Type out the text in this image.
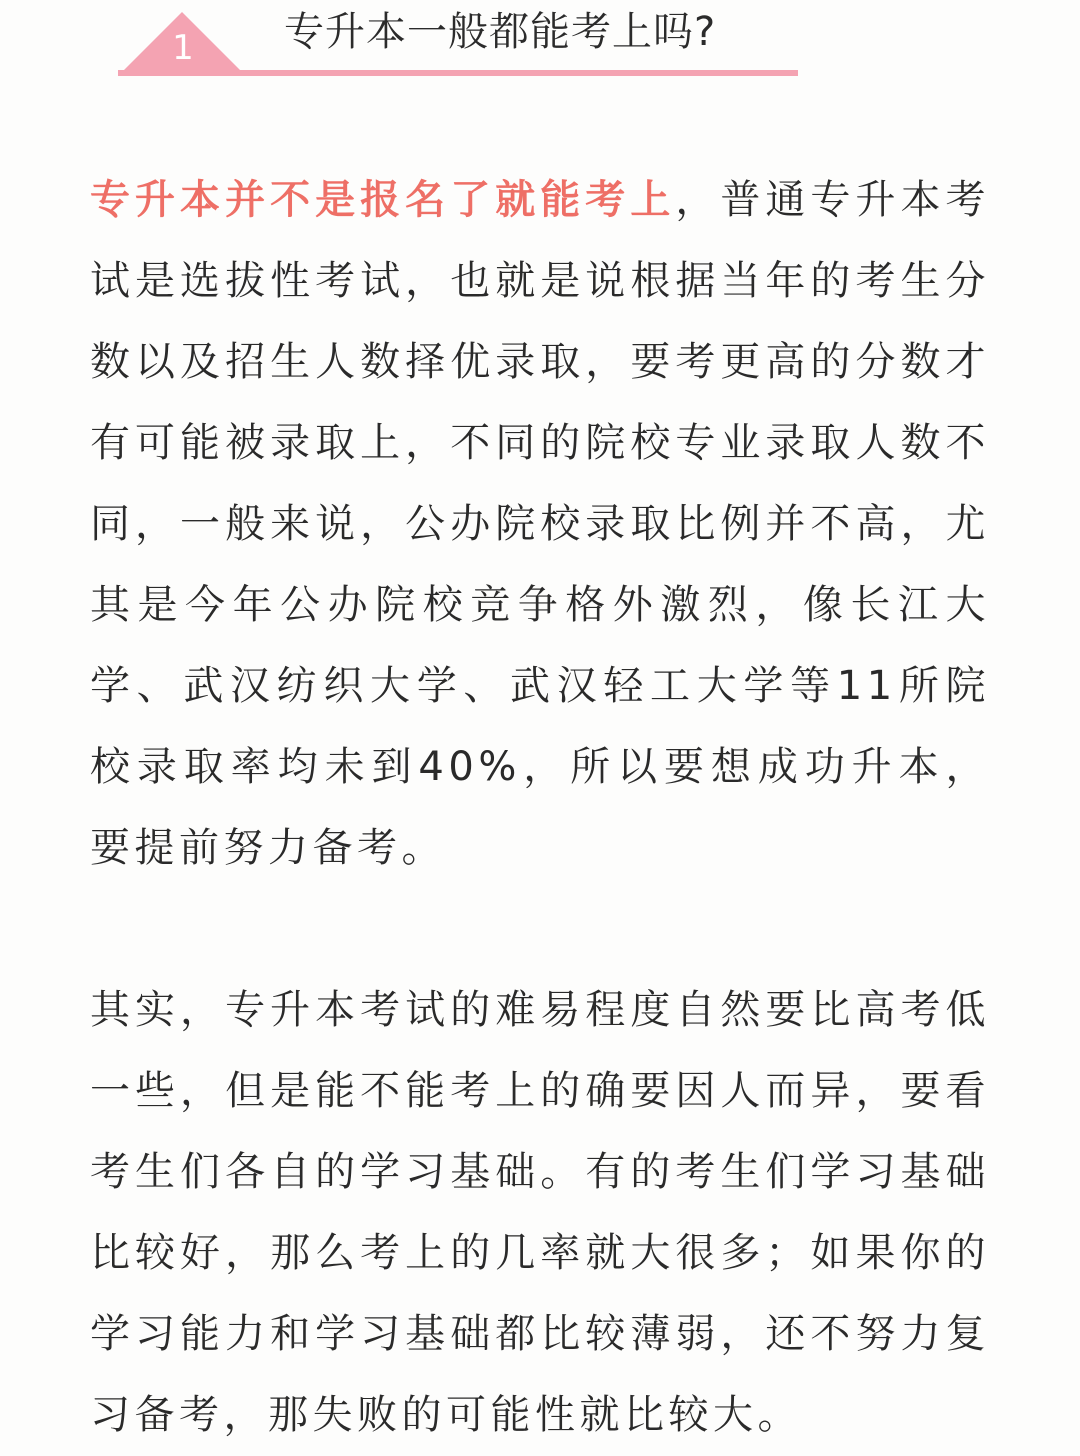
1 专升本一般都能考上吗?

专升本并不是报名了就能考上，普通专升本考试是选拔性考试，也就是说根据当年的考生分数以及招生人数择优录取，要考更高的分数才有可能被录取上，不同的院校专业录取人数不同，一般来说，公办院校录取比例并不高，尤其是今年公办院校竞争格外激烈，像长江大学、武汉纺织大学、武汉轻工大学等11所院校录取率均未到40%，所以要想成功升本，要提前努力备考。

其实，专升本考试的难易程度自然要比高考低一些，但是能不能考上的确要因人而异，要看考生们各自的学习基础。有的考生们学习基础比较好，那么考上的几率就大很多；如果你的学习能力和学习基础都比较薄弱，还不努力复习备考，那失败的可能性就比较大。
